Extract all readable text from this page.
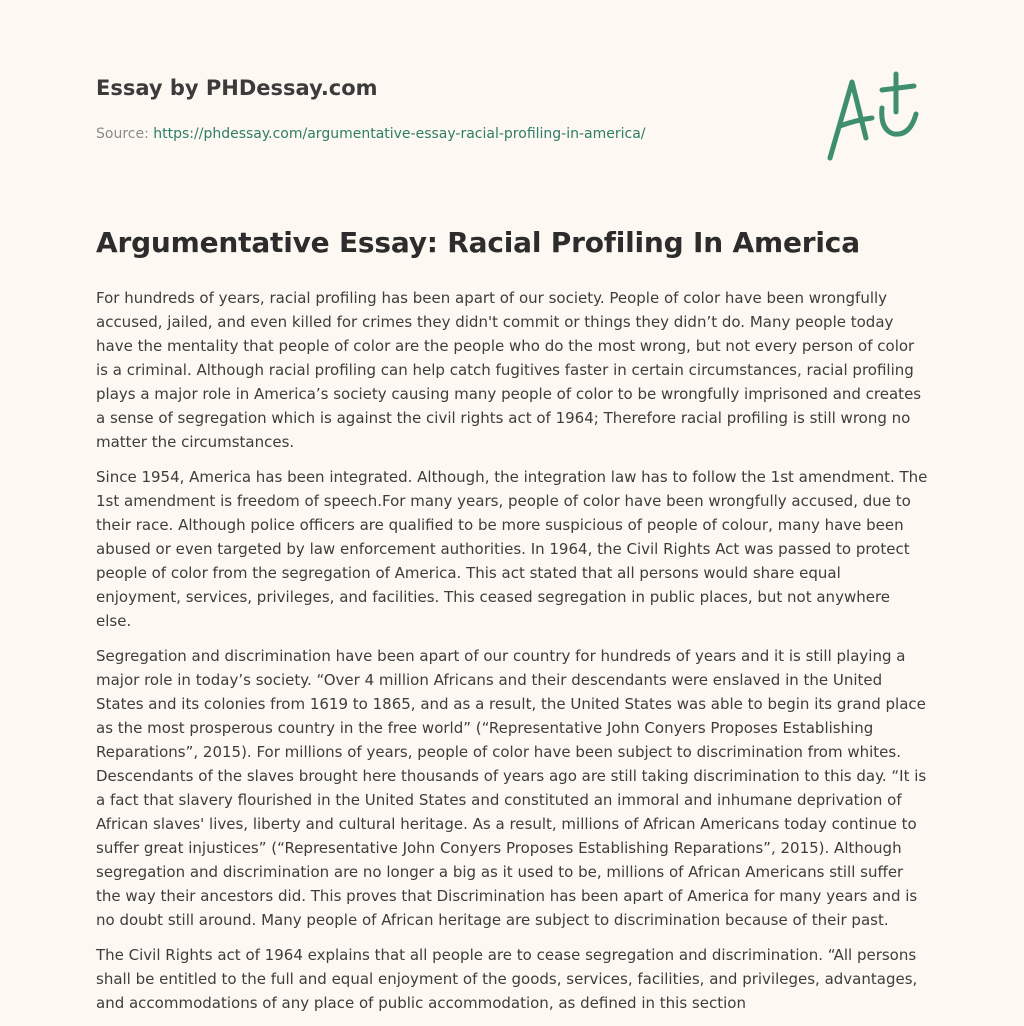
Essay by PHDessay.com
Source: https://phdessay.com/argumentative-essay-racial-profiling-in-america/
Argumentative Essay: Racial Profiling In America

For hundreds of years, racial profiling has been apart of our society. People of color have been wrongfully accused, jailed, and even killed for crimes they didn't commit or things they didn’t do. Many people today have the mentality that people of color are the people who do the most wrong, but not every person of color is a criminal. Although racial profiling can help catch fugitives faster in certain circumstances, racial profiling plays a major role in America’s society causing many people of color to be wrongfully imprisoned and creates a sense of segregation which is against the civil rights act of 1964; Therefore racial profiling is still wrong no matter the circumstances.

Since 1954, America has been integrated. Although, the integration law has to follow the 1st amendment. The 1st amendment is freedom of speech.For many years, people of color have been wrongfully accused, due to their race. Although police officers are qualified to be more suspicious of people of colour, many have been abused or even targeted by law enforcement authorities. In 1964, the Civil Rights Act was passed to protect people of color from the segregation of America. This act stated that all persons would share equal enjoyment, services, privileges, and facilities. This ceased segregation in public places, but not anywhere else.

Segregation and discrimination have been apart of our country for hundreds of years and it is still playing a major role in today’s society. “Over 4 million Africans and their descendants were enslaved in the United States and its colonies from 1619 to 1865, and as a result, the United States was able to begin its grand place as the most prosperous country in the free world” (“Representative John Conyers Proposes Establishing Reparations”, 2015). For millions of years, people of color have been subject to discrimination from whites. Descendants of the slaves brought here thousands of years ago are still taking discrimination to this day. “It is a fact that slavery flourished in the United States and constituted an immoral and inhumane deprivation of African slaves' lives, liberty and cultural heritage. As a result, millions of African Americans today continue to suffer great injustices” (“Representative John Conyers Proposes Establishing Reparations”, 2015). Although segregation and discrimination are no longer a big as it used to be, millions of African Americans still suffer the way their ancestors did. This proves that Discrimination has been apart of America for many years and is no doubt still around. Many people of African heritage are subject to discrimination because of their past.

The Civil Rights act of 1964 explains that all people are to cease segregation and discrimination. “All persons shall be entitled to the full and equal enjoyment of the goods, services, facilities, and privileges, advantages, and accommodations of any place of public accommodation, as defined in this section
